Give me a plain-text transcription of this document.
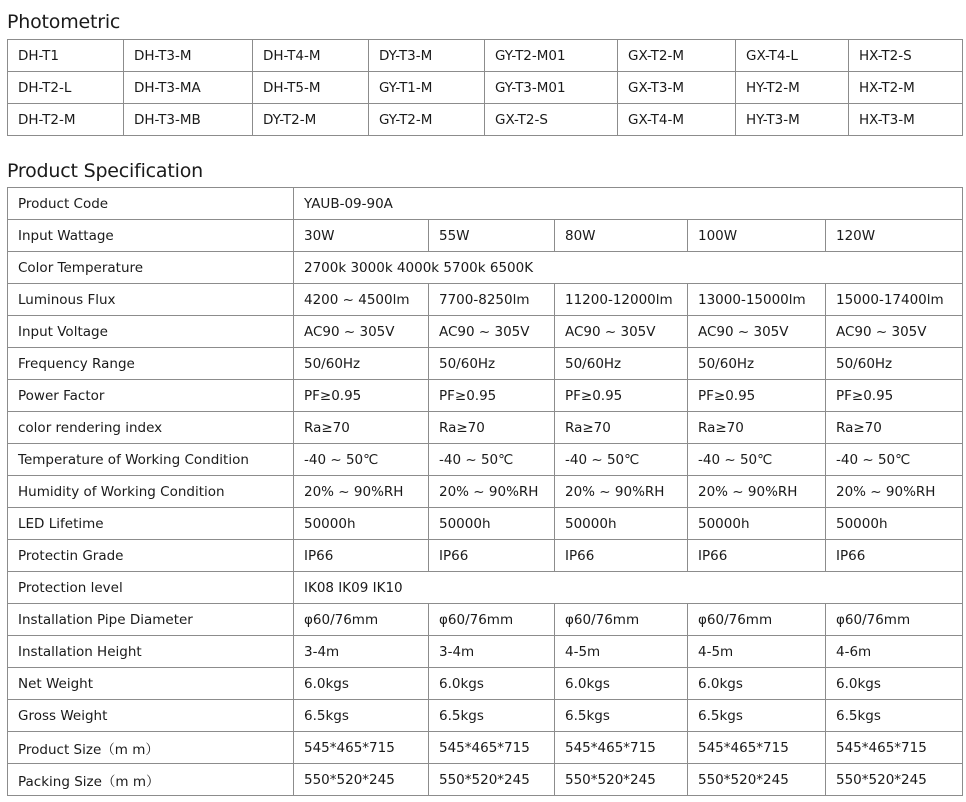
Photometric
DH-T1	DH-T3-M	DH-T4-M	DY-T3-M	GY-T2-M01	GX-T2-M	GX-T4-L	HX-T2-S
DH-T2-L	DH-T3-MA	DH-T5-M	GY-T1-M	GY-T3-M01	GX-T3-M	HY-T2-M	HX-T2-M
DH-T2-M	DH-T3-MB	DY-T2-M	GY-T2-M	GX-T2-S	GX-T4-M	HY-T3-M	HX-T3-M
Product Specification
Product Code	YAUB-09-90A				
Input Wattage	30W	55W	80W	100W	120W
Color Temperature	2700k 3000k 4000k 5700k 6500K				
Luminous Flux	4200 ~ 4500lm	7700-8250lm	11200-12000lm	13000-15000lm	15000-17400lm
Input Voltage	AC90 ~ 305V	AC90 ~ 305V	AC90 ~ 305V	AC90 ~ 305V	AC90 ~ 305V
Frequency Range	50/60Hz	50/60Hz	50/60Hz	50/60Hz	50/60Hz
Power Factor	PF≥0.95	PF≥0.95	PF≥0.95	PF≥0.95	PF≥0.95
color rendering index	Ra≥70	Ra≥70	Ra≥70	Ra≥70	Ra≥70
Temperature of Working Condition	-40 ~ 50℃	-40 ~ 50℃	-40 ~ 50℃	-40 ~ 50℃	-40 ~ 50℃
Humidity of Working Condition	20% ~ 90%RH	20% ~ 90%RH	20% ~ 90%RH	20% ~ 90%RH	20% ~ 90%RH
LED Lifetime	50000h	50000h	50000h	50000h	50000h
Protectin Grade	IP66	IP66	IP66	IP66	IP66
Protection level	IK08 IK09 IK10				
Installation Pipe Diameter	φ60/76mm	φ60/76mm	φ60/76mm	φ60/76mm	φ60/76mm
Installation Height	3-4m	3-4m	4-5m	4-5m	4-6m
Net Weight	6.0kgs	6.0kgs	6.0kgs	6.0kgs	6.0kgs
Gross Weight	6.5kgs	6.5kgs	6.5kgs	6.5kgs	6.5kgs
Product Size（m m）	545*465*715	545*465*715	545*465*715	545*465*715	545*465*715
Packing Size（m m）	550*520*245	550*520*245	550*520*245	550*520*245	550*520*245
